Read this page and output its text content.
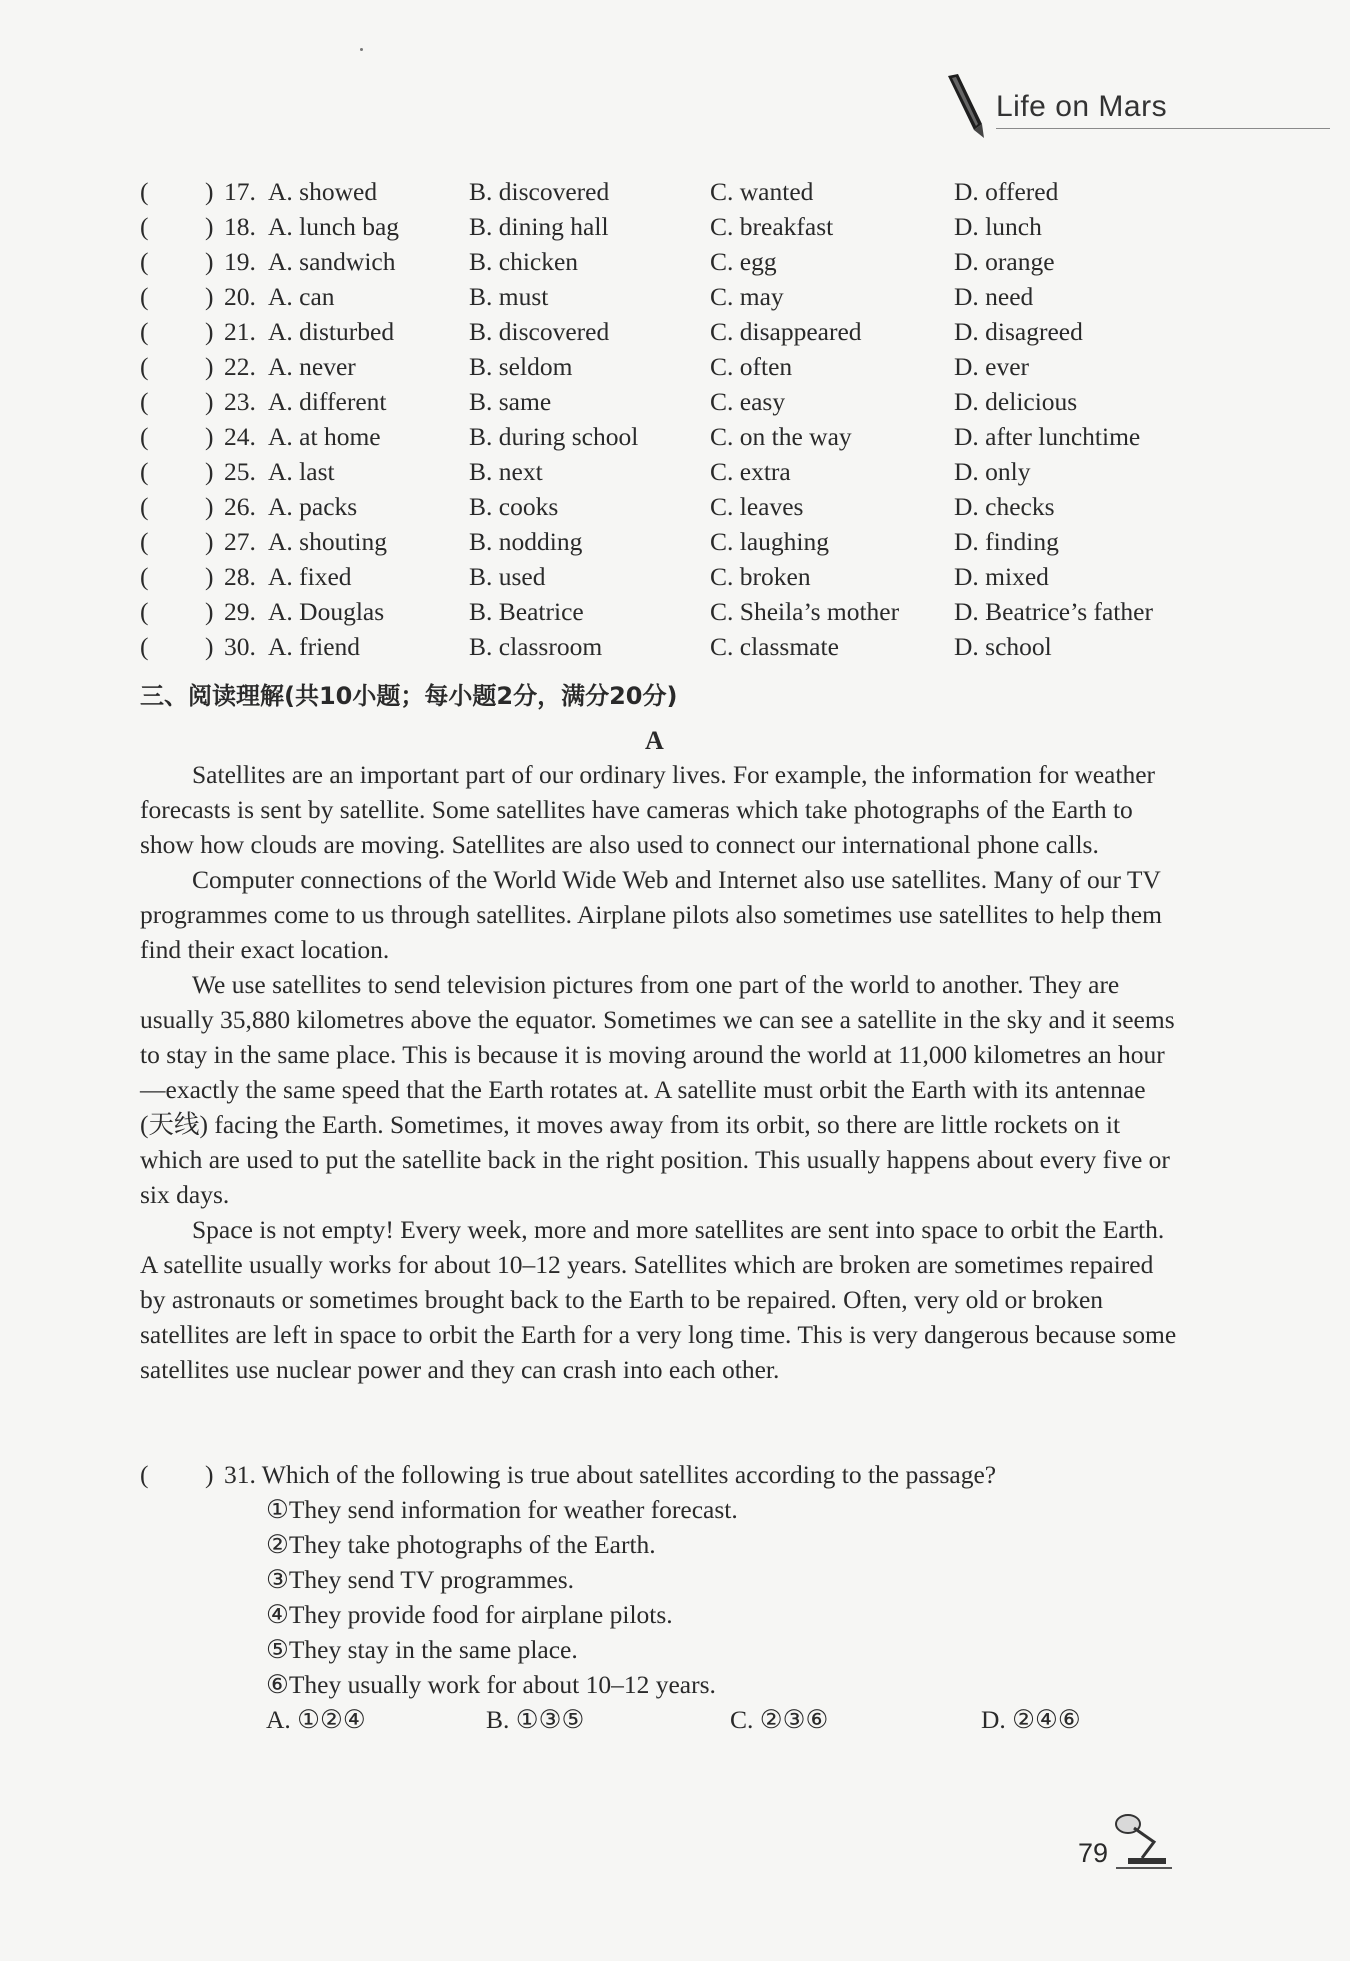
Life on Mars
( ) 17. A. showed	B. discovered	C. wanted	D. offered
( ) 18. A. lunch bag	B. dining hall	C. breakfast	D. lunch
( ) 19. A. sandwich	B. chicken	C. egg	D. orange
( ) 20. A. can	B. must	C. may	D. need
( ) 21. A. disturbed	B. discovered	C. disappeared	D. disagreed
( ) 22. A. never	B. seldom	C. often	D. ever
( ) 23. A. different	B. same	C. easy	D. delicious
( ) 24. A. at home	B. during school	C. on the way	D. after lunchtime
( ) 25. A. last	B. next	C. extra	D. only
( ) 26. A. packs	B. cooks	C. leaves	D. checks
( ) 27. A. shouting	B. nodding	C. laughing	D. finding
( ) 28. A. fixed	B. used	C. broken	D. mixed
( ) 29. A. Douglas	B. Beatrice	C. Sheila’s mother D. Beatrice’s father
( ) 30. A. friend	B. classroom	C. classmate	D. school
三、阅读理解(共10小题；每小题2分，满分20分)
A

Satellites are an important part of our ordinary lives. For example, the information for weather forecasts is sent by satellite. Some satellites have cameras which take photographs of the Earth to show how clouds are moving. Satellites are also used to connect our international phone calls.

Computer connections of the World Wide Web and Internet also use satellites. Many of our TV programmes come to us through satellites. Airplane pilots also sometimes use satellites to help them find their exact location.

We use satellites to send television pictures from one part of the world to another. They are usually 35,880 kilometres above the equator. Sometimes we can see a satellite in the sky and it seems to stay in the same place. This is because it is moving around the world at 11,000 kilometres an hour—exactly the same speed that the Earth rotates at. A satellite must orbit the Earth with its antennae (天线) facing the Earth. Sometimes, it moves away from its orbit, so there are little rockets on it which are used to put the satellite back in the right position. This usually happens about every five or six days.

Space is not empty! Every week, more and more satellites are sent into space to orbit the Earth. A satellite usually works for about 10–12 years. Satellites which are broken are sometimes repaired by astronauts or sometimes brought back to the Earth to be repaired. Often, very old or broken satellites are left in space to orbit the Earth for a very long time. This is very dangerous because some satellites use nuclear power and they can crash into each other.

( ) 31. Which of the following is true about satellites according to the passage?
①They send information for weather forecast.
②They take photographs of the Earth.
③They send TV programmes.
④They provide food for airplane pilots.
⑤They stay in the same place.
⑥They usually work for about 10–12 years.
A. ①②④	B. ①③⑤	C. ②③⑥	D. ②④⑥
79
